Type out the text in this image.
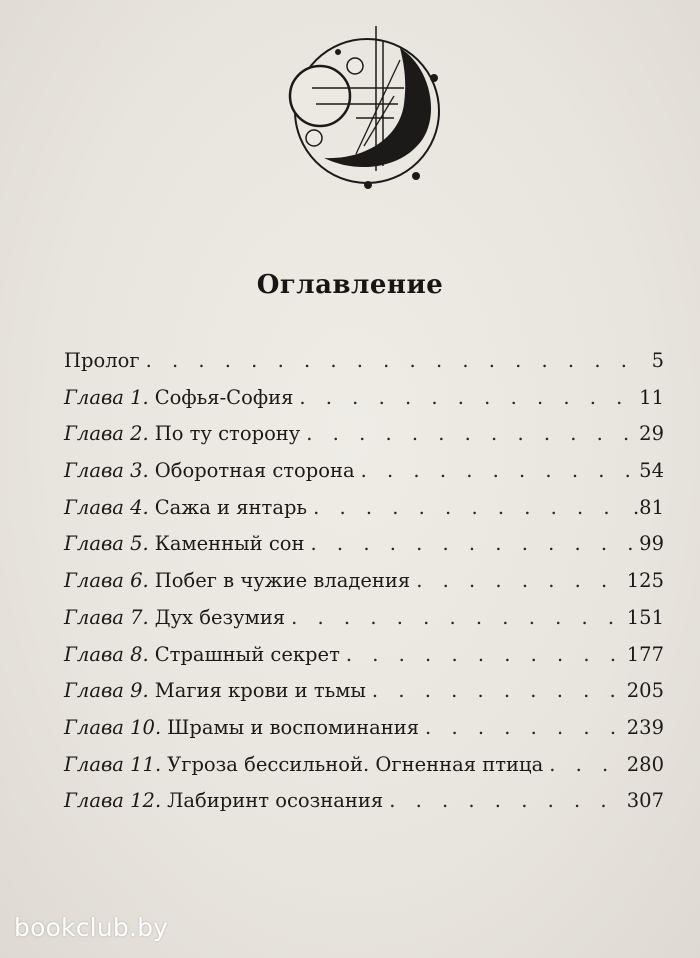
Оглавление
Пролог . . .	5
Глава 1. Софья-София . . .	11
Глава 2. По ту сторону . . .	29
Глава 3. Оборотная сторона . . .	54
Глава 4. Сажа и янтарь . . .	.81
Глава 5. Каменный сон . . .	99
Глава 6. Побег в чужие владения . . .	125
Глава 7. Дух безумия . . .	151
Глава 8. Страшный секрет . . .	177
Глава 9. Магия крови и тьмы . . .	205
Глава 10. Шрамы и воспоминания . . .	239
Глава 11. Угроза бессильной. Огненная птица . . .	280
Глава 12. Лабиринт осознания . . .	307
bookclub.by
